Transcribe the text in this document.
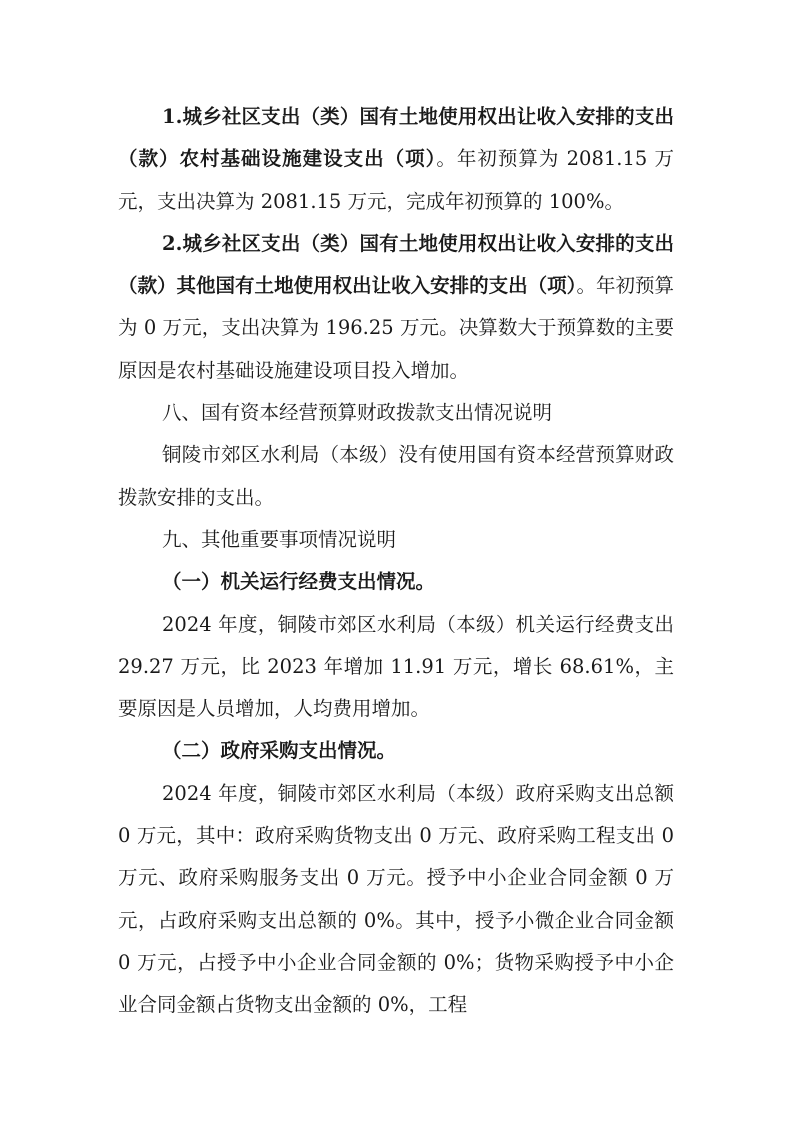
1.城乡社区支出（类）国有土地使用权出让收入安排的支出（款）农村基础设施建设支出（项）。年初预算为 2081.15 万元，支出决算为 2081.15 万元，完成年初预算的 100%。

2.城乡社区支出（类）国有土地使用权出让收入安排的支出（款）其他国有土地使用权出让收入安排的支出（项）。年初预算为 0 万元，支出决算为 196.25 万元。决算数大于预算数的主要原因是农村基础设施建设项目投入增加。

八、国有资本经营预算财政拨款支出情况说明

铜陵市郊区水利局（本级）没有使用国有资本经营预算财政拨款安排的支出。

九、其他重要事项情况说明

（一）机关运行经费支出情况。

2024 年度，铜陵市郊区水利局（本级）机关运行经费支出 29.27 万元，比 2023 年增加 11.91 万元，增长 68.61%，主要原因是人员增加，人均费用增加。

（二）政府采购支出情况。

2024 年度，铜陵市郊区水利局（本级）政府采购支出总额 0 万元，其中：政府采购货物支出 0 万元、政府采购工程支出 0 万元、政府采购服务支出 0 万元。授予中小企业合同金额 0 万元，占政府采购支出总额的 0%。其中，授予小微企业合同金额 0 万元，占授予中小企业合同金额的 0%；货物采购授予中小企业合同金额占货物支出金额的 0%，工程
